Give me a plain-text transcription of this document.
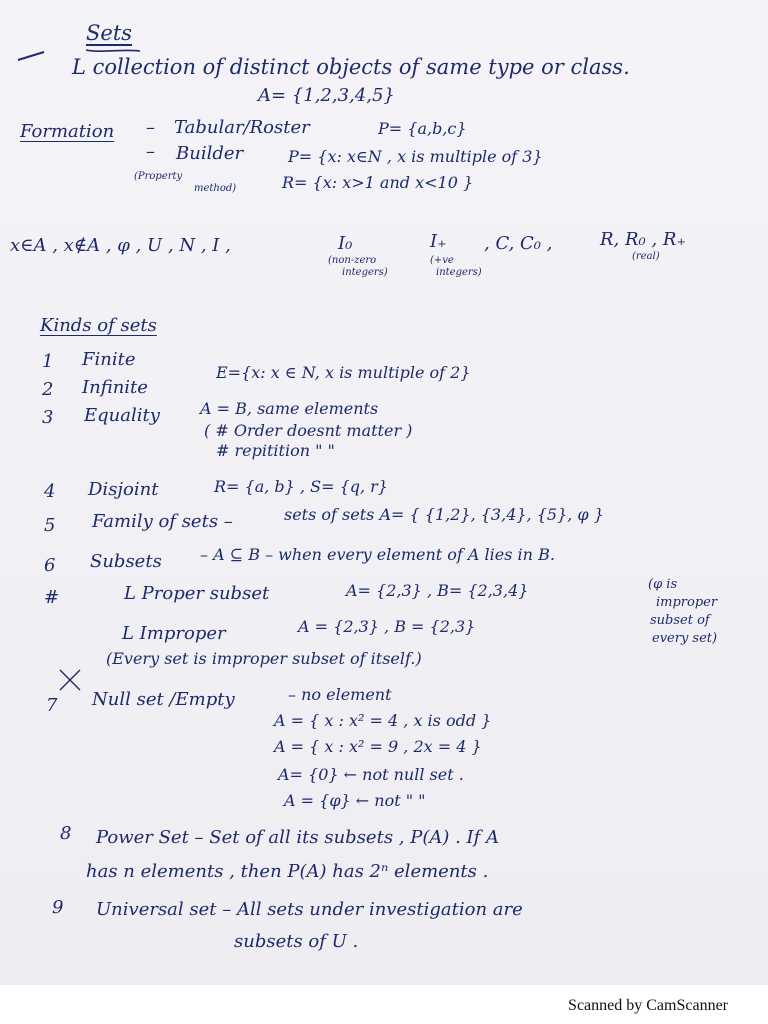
Sets
L collection of distinct objects of same type or class.
A= {1,2,3,4,5}
Formation – Tabular/Roster	P= {a,b,c}
– Builder	P= {x: x∈N , x is multiple of 3}
(Property
method)	R= {x: x>1 and x<10 }
x∈A , x∉A , φ , U , N , I ,	I₀
(non-zero
integers)
I₊
(+ve
integers)
, C, C₀ ,	R, R₀ , R₊
(real)
Kinds of sets
1 Finite
2 Infinite
E={x: x ∈ N, x is multiple of 2}
3 Equality	A = B, same elements
( # Order doesnt matter )
# repitition " "
4 Disjoint	R= {a, b} , S= {q, r}
5 Family of sets –	sets of sets A= { {1,2}, {3,4}, {5}, φ }
6 Subsets – A ⊆ B – when every element of A lies in B.
#	L Proper subset	A= {2,3} , B= {2,3,4}	(φ is
improper
subset of
every set)
L Improper	A = {2,3} , B = {2,3}
(Every set is improper subset of itself.)
7 Null set /Empty	– no element
A = { x : x² = 4 , x is odd }
A = { x : x² = 9 , 2x = 4 }
A= {0} ← not null set .
A = {φ} ← not " "
8 Power Set – Set of all its subsets , P(A) . If A
has n elements , then P(A) has 2ⁿ elements .
9 Universal set – All sets under investigation are
subsets of U .
Scanned by CamScanner
